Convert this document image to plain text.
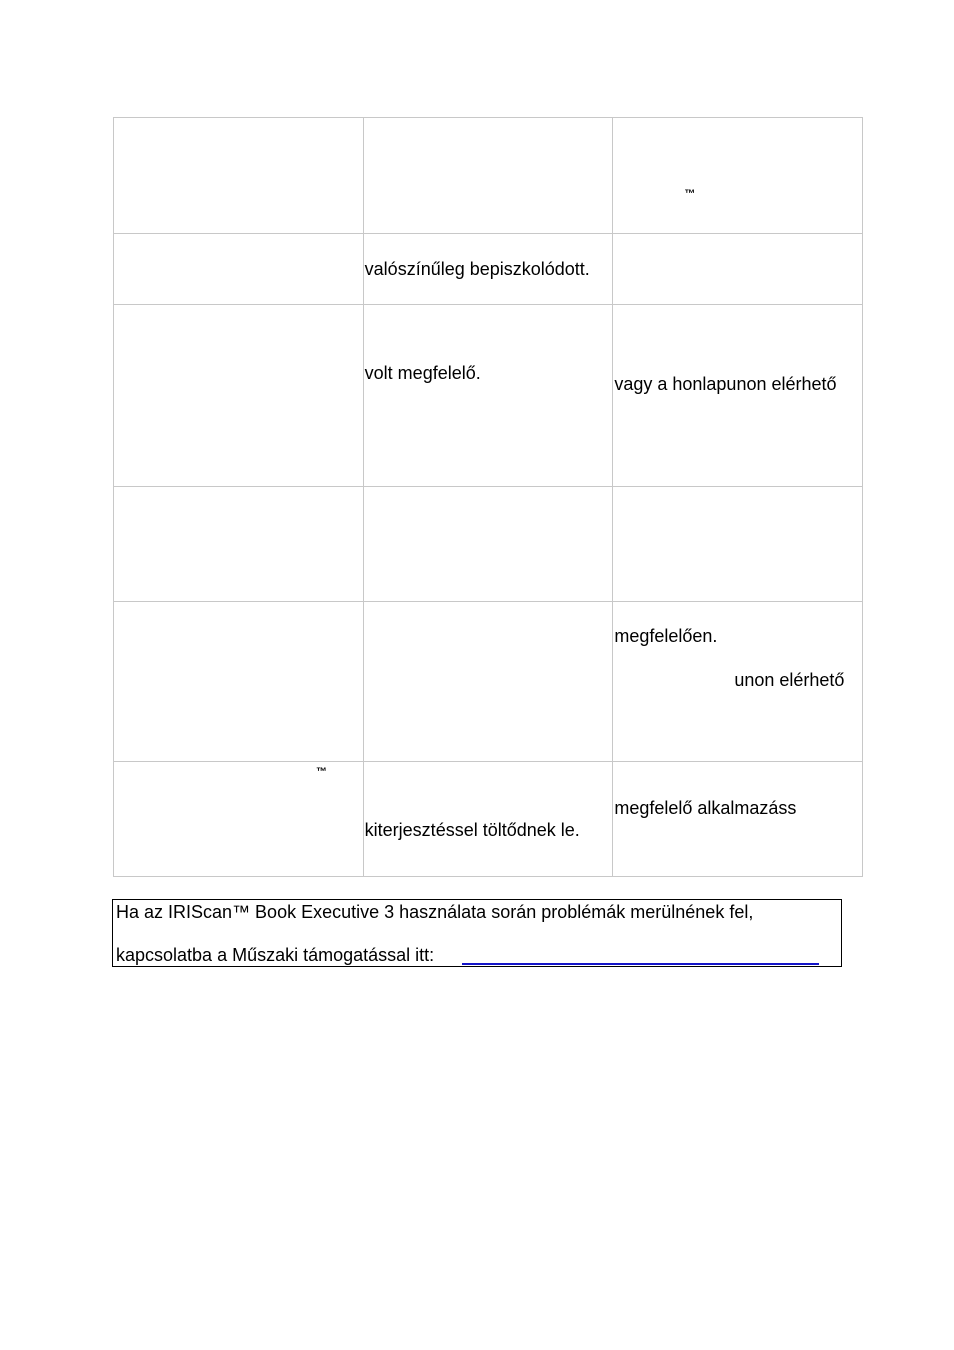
™
valószínűleg bepiszkolódott.
volt megfelelő.
vagy a honlapunon elérhető
megfelelően.
unon elérhető
™
kiterjesztéssel töltődnek le.
megfelelő alkalmazáss
Ha az IRIScan™ Book Executive 3 használata során problémák merülnének fel,
kapcsolatba a Műszaki támogatással itt:
